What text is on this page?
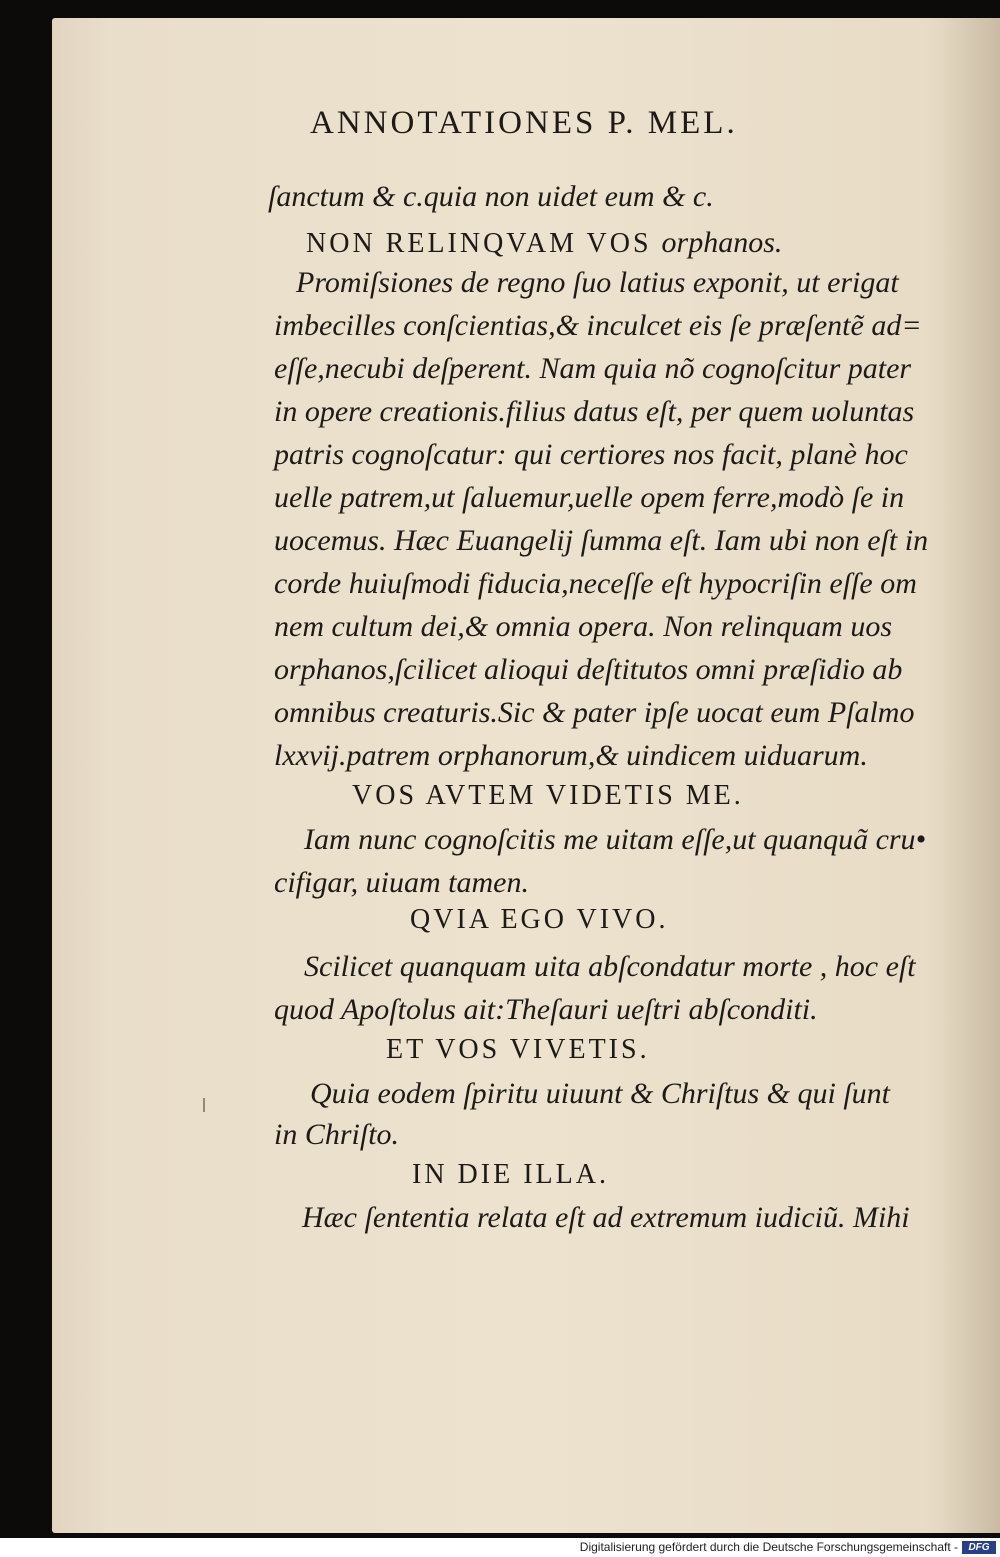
ANNOTATIONES P. MEL.
ſanctum & c.quia non uidet eum & c.
NON RELINQVAM VOS orphanos.
Promiſsiones de regno ſuo latius exponit, ut erigat
imbecilles conſcientias,& inculcet eis ſe præſentẽ ad=
eſſe,necubi deſperent. Nam quia nõ cognoſcitur pater
in opere creationis.filius datus eſt, per quem uoluntas
patris cognoſcatur: qui certiores nos facit, planè hoc
uelle patrem,ut ſaluemur,uelle opem ferre,modò ſe in
uocemus. Hæc Euangelij ſumma eſt. Iam ubi non eſt in
corde huiuſmodi fiducia,neceſſe eſt hypocriſin eſſe om
nem cultum dei,& omnia opera. Non relinquam uos
orphanos,ſcilicet alioqui deſtitutos omni præſidio ab
omnibus creaturis.Sic & pater ipſe uocat eum Pſalmo
lxxvij.patrem orphanorum,& uindicem uiduarum.
VOS AVTEM VIDETIS ME.
Iam nunc cognoſcitis me uitam eſſe,ut quanquã cru•
cifigar, uiuam tamen.
QVIA EGO VIVO.
Scilicet quanquam uita abſcondatur morte , hoc eſt
quod Apoſtolus ait:Theſauri ueſtri abſconditi.
ET VOS VIVETIS.
Quia eodem ſpiritu uiuunt & Chriſtus & qui ſunt
in Chriſto.
IN DIE ILLA.
Hæc ſententia relata eſt ad extremum iudiciũ. Mihi
Digitalisierung gefördert durch die Deutsche Forschungsgemeinschaft -	DFG
